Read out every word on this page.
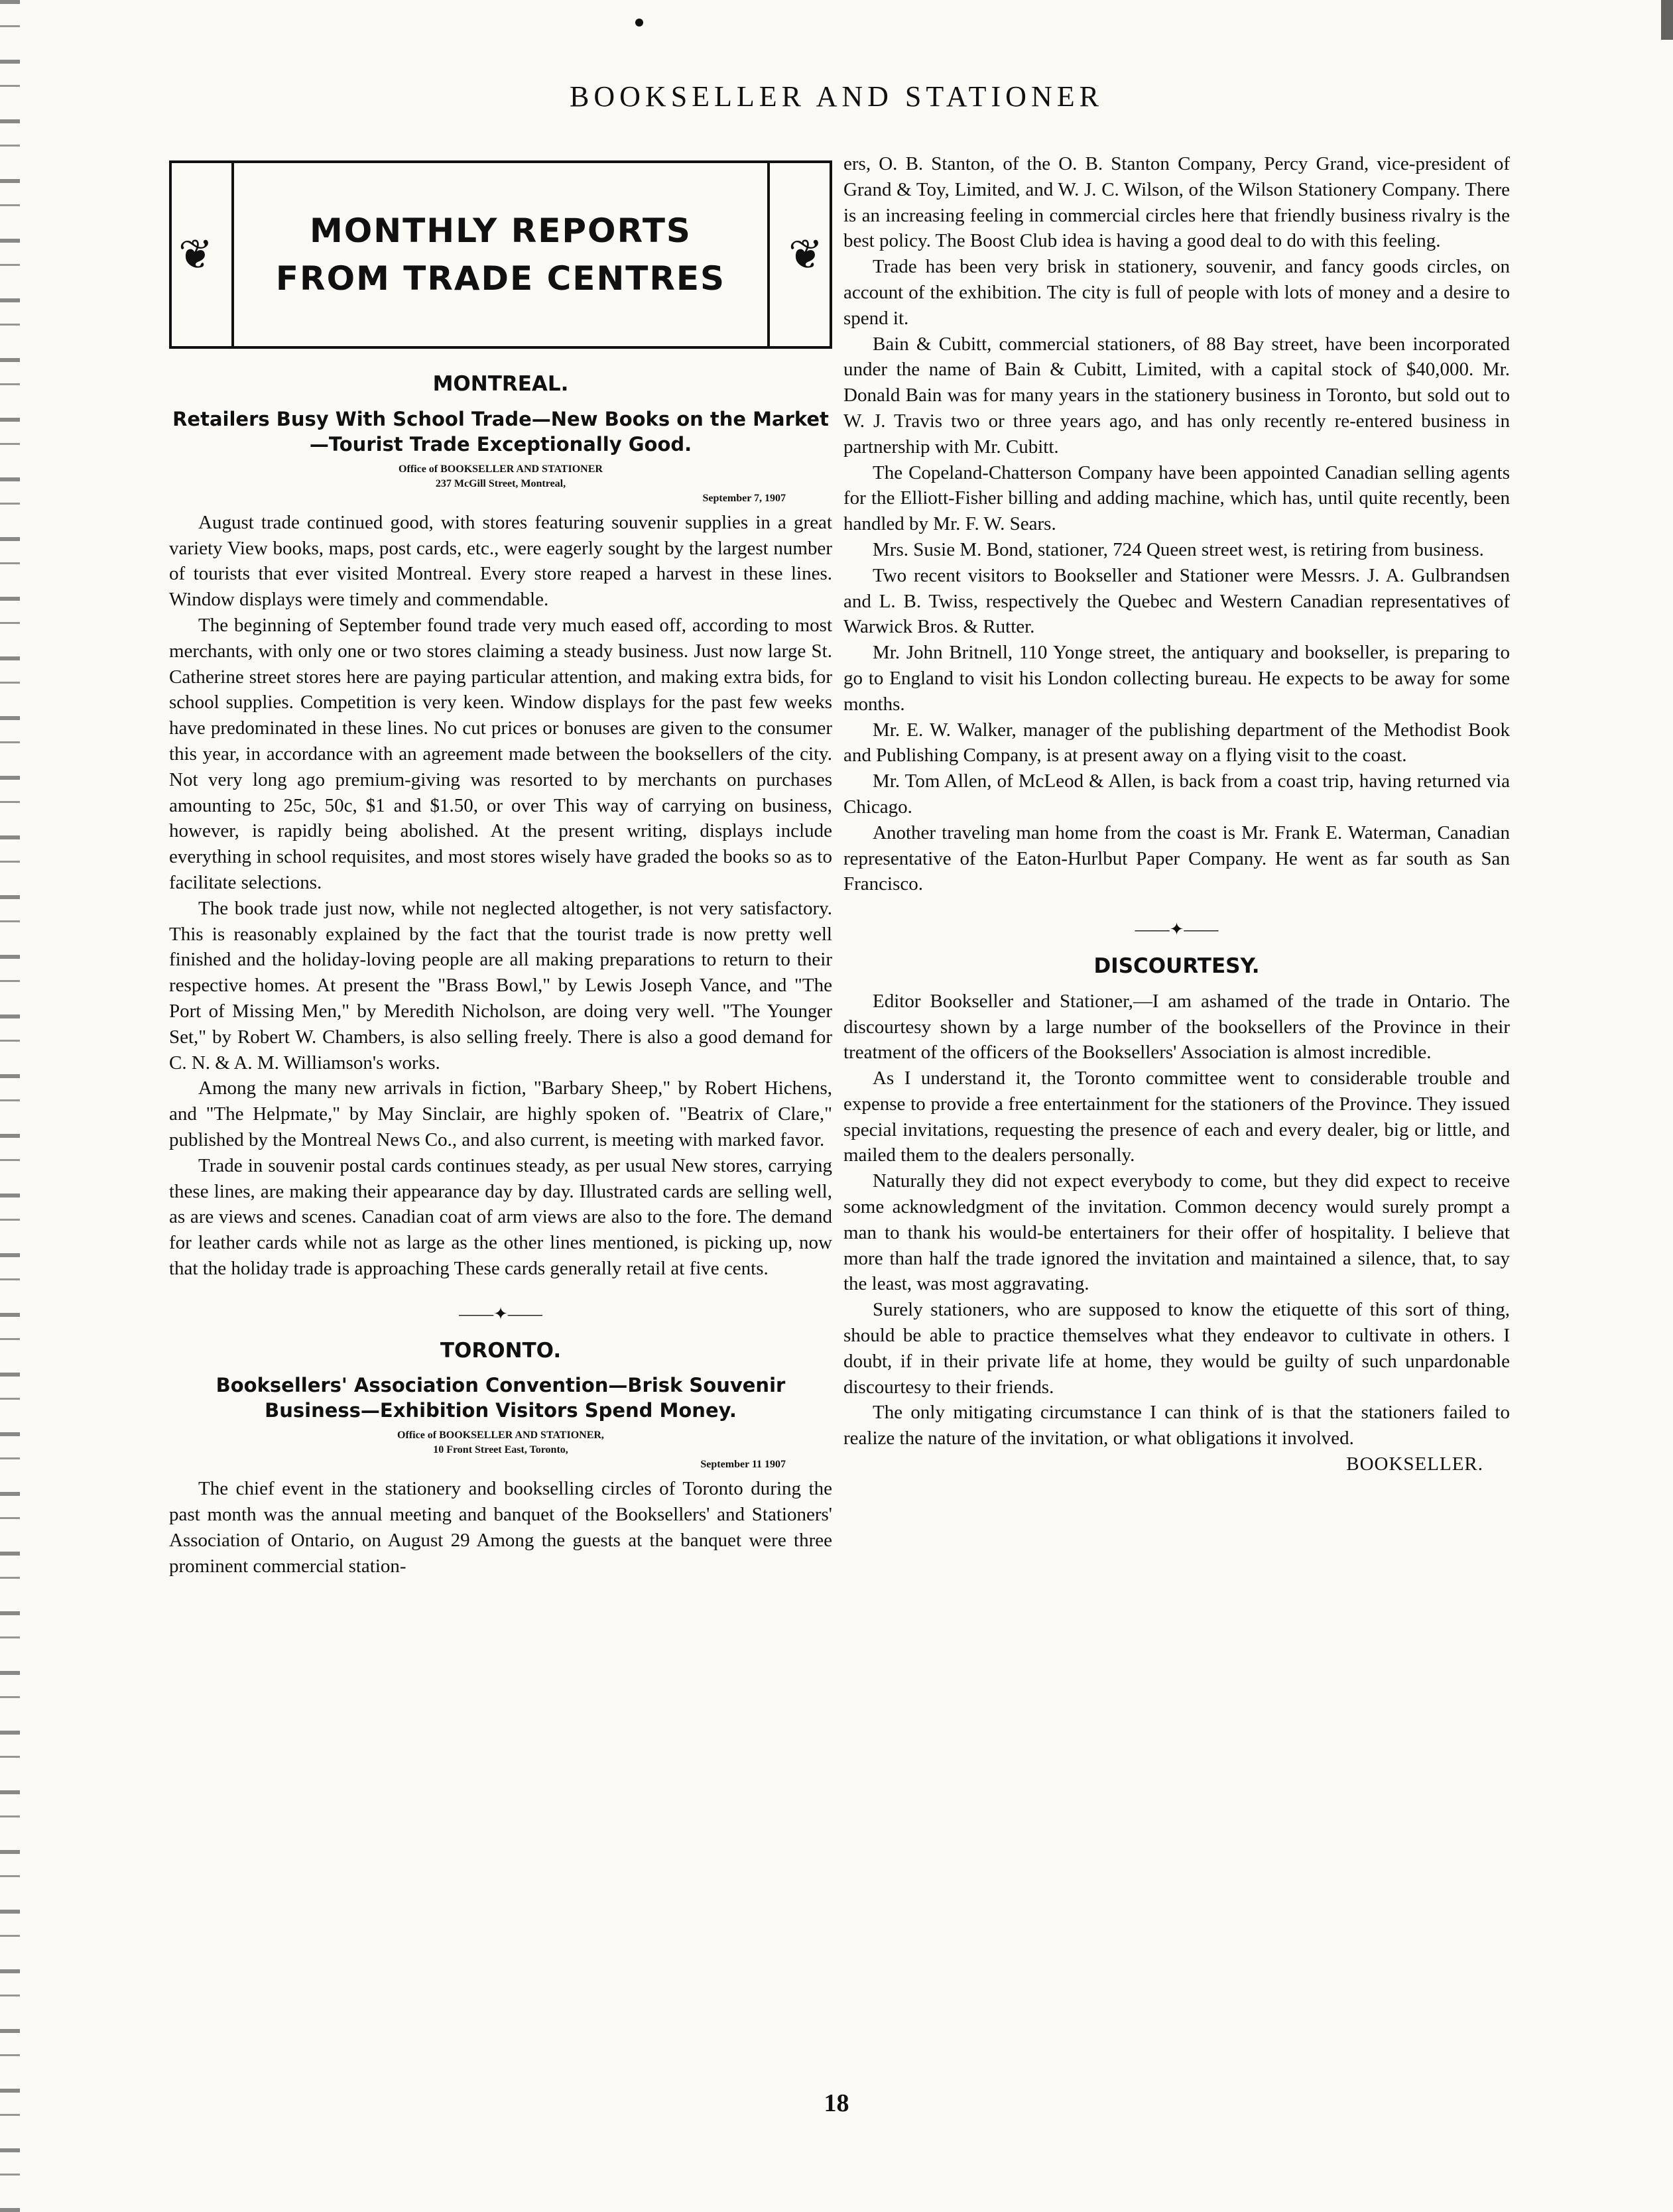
BOOKSELLER AND STATIONER
❦	❦
MONTHLY REPORTS
FROM TRADE CENTRES
MONTREAL.
Retailers Busy With School Trade—New Books on the Market—Tourist Trade Exceptionally Good.
Office of BOOKSELLER AND STATIONER
237 McGill Street, Montreal,
September 7, 1907

August trade continued good, with stores featuring souvenir supplies in a great variety View books, maps, post cards, etc., were eagerly sought by the largest number of tourists that ever visited Montreal. Every store reaped a harvest in these lines. Window displays were timely and commendable.

The beginning of September found trade very much eased off, according to most merchants, with only one or two stores claiming a steady business. Just now large St. Catherine street stores here are paying particular attention, and making extra bids, for school supplies. Competition is very keen. Window displays for the past few weeks have predominated in these lines. No cut prices or bonuses are given to the consumer this year, in accordance with an agreement made between the booksellers of the city. Not very long ago premium-giving was resorted to by merchants on purchases amounting to 25c, 50c, $1 and $1.50, or over This way of carrying on business, however, is rapidly being abolished. At the present writing, displays include everything in school requisites, and most stores wisely have graded the books so as to facilitate selections.

The book trade just now, while not neglected altogether, is not very satisfactory. This is reasonably explained by the fact that the tourist trade is now pretty well finished and the holiday-loving people are all making preparations to return to their respective homes. At present the "Brass Bowl," by Lewis Joseph Vance, and "The Port of Missing Men," by Meredith Nicholson, are doing very well. "The Younger Set," by Robert W. Chambers, is also selling freely. There is also a good demand for C. N. & A. M. Williamson's works.

Among the many new arrivals in fiction, "Barbary Sheep," by Robert Hichens, and "The Helpmate," by May Sinclair, are highly spoken of. "Beatrix of Clare," published by the Montreal News Co., and also current, is meeting with marked favor.

Trade in souvenir postal cards continues steady, as per usual New stores, carrying these lines, are making their appearance day by day. Illustrated cards are selling well, as are views and scenes. Canadian coat of arm views are also to the fore. The demand for leather cards while not as large as the other lines mentioned, is picking up, now that the holiday trade is approaching These cards generally retail at five cents.

——✦——
TORONTO.
Booksellers' Association Convention—Brisk Souvenir Business—Exhibition Visitors Spend Money.
Office of BOOKSELLER AND STATIONER,
10 Front Street East, Toronto,
September 11 1907

The chief event in the stationery and bookselling circles of Toronto during the past month was the annual meeting and banquet of the Booksellers' and Stationers' Association of Ontario, on August 29 Among the guests at the banquet were three prominent commercial station-

ers, O. B. Stanton, of the O. B. Stanton Company, Percy Grand, vice-president of Grand & Toy, Limited, and W. J. C. Wilson, of the Wilson Stationery Company. There is an increasing feeling in commercial circles here that friendly business rivalry is the best policy. The Boost Club idea is having a good deal to do with this feeling.

Trade has been very brisk in stationery, souvenir, and fancy goods circles, on account of the exhibition. The city is full of people with lots of money and a desire to spend it.

Bain & Cubitt, commercial stationers, of 88 Bay street, have been incorporated under the name of Bain & Cubitt, Limited, with a capital stock of $40,000. Mr. Donald Bain was for many years in the stationery business in Toronto, but sold out to W. J. Travis two or three years ago, and has only recently re-entered business in partnership with Mr. Cubitt.

The Copeland-Chatterson Company have been appointed Canadian selling agents for the Elliott-Fisher billing and adding machine, which has, until quite recently, been handled by Mr. F. W. Sears.

Mrs. Susie M. Bond, stationer, 724 Queen street west, is retiring from business.

Two recent visitors to Bookseller and Stationer were Messrs. J. A. Gulbrandsen and L. B. Twiss, respectively the Quebec and Western Canadian representatives of Warwick Bros. & Rutter.

Mr. John Britnell, 110 Yonge street, the antiquary and bookseller, is preparing to go to England to visit his London collecting bureau. He expects to be away for some months.

Mr. E. W. Walker, manager of the publishing department of the Methodist Book and Publishing Company, is at present away on a flying visit to the coast.

Mr. Tom Allen, of McLeod & Allen, is back from a coast trip, having returned via Chicago.

Another traveling man home from the coast is Mr. Frank E. Waterman, Canadian representative of the Eaton-Hurlbut Paper Company. He went as far south as San Francisco.

——✦——
DISCOURTESY.

Editor Bookseller and Stationer,—I am ashamed of the trade in Ontario. The discourtesy shown by a large number of the booksellers of the Province in their treatment of the officers of the Booksellers' Association is almost incredible.

As I understand it, the Toronto committee went to considerable trouble and expense to provide a free entertainment for the stationers of the Province. They issued special invitations, requesting the presence of each and every dealer, big or little, and mailed them to the dealers personally.

Naturally they did not expect everybody to come, but they did expect to receive some acknowledgment of the invitation. Common decency would surely prompt a man to thank his would-be entertainers for their offer of hospitality. I believe that more than half the trade ignored the invitation and maintained a silence, that, to say the least, was most aggravating.

Surely stationers, who are supposed to know the etiquette of this sort of thing, should be able to practice themselves what they endeavor to cultivate in others. I doubt, if in their private life at home, they would be guilty of such unpardonable discourtesy to their friends.

The only mitigating circumstance I can think of is that the stationers failed to realize the nature of the invitation, or what obligations it involved.

BOOKSELLER.
18
